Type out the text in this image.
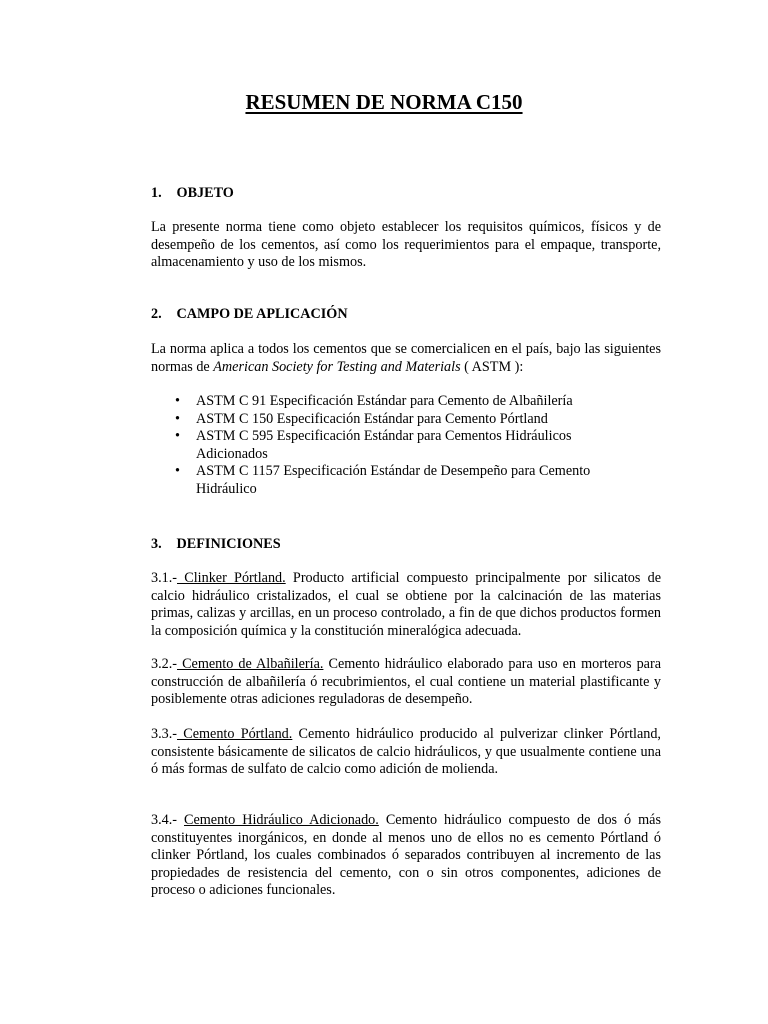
RESUMEN DE NORMA C150
1. OBJETO
La presente norma tiene como objeto establecer los requisitos químicos, físicos y de desempeño de los cementos, así como los requerimientos para el empaque, transporte, almacenamiento y uso de los mismos.
2. CAMPO DE APLICACIÓN
La norma aplica a todos los cementos que se comercialicen en el país, bajo las siguientes normas de American Society for Testing and Materials ( ASTM ):
• ASTM C 91 Especificación Estándar para Cemento de Albañilería
• ASTM C 150 Especificación Estándar para Cemento Pórtland
• ASTM C 595 Especificación Estándar para Cementos Hidráulicos
Adicionados
• ASTM C 1157 Especificación Estándar de Desempeño para Cemento
Hidráulico
3. DEFINICIONES
3.1.- Clinker Pórtland. Producto artificial compuesto principalmente por silicatos de calcio hidráulico cristalizados, el cual se obtiene por la calcinación de las materias primas, calizas y arcillas, en un proceso controlado, a fin de que dichos productos formen la composición química y la constitución mineralógica adecuada.
3.2.- Cemento de Albañilería. Cemento hidráulico elaborado para uso en morteros para construcción de albañilería ó recubrimientos, el cual contiene un material plastificante y posiblemente otras adiciones reguladoras de desempeño.
3.3.- Cemento Pórtland. Cemento hidráulico producido al pulverizar clinker Pórtland, consistente básicamente de silicatos de calcio hidráulicos, y que usualmente contiene una ó más formas de sulfato de calcio como adición de molienda.
3.4.- Cemento Hidráulico Adicionado. Cemento hidráulico compuesto de dos ó más constituyentes inorgánicos, en donde al menos uno de ellos no es cemento Pórtland ó clinker Pórtland, los cuales combinados ó separados contribuyen al incremento de las propiedades de resistencia del cemento, con o sin otros componentes, adiciones de proceso o adiciones funcionales.
